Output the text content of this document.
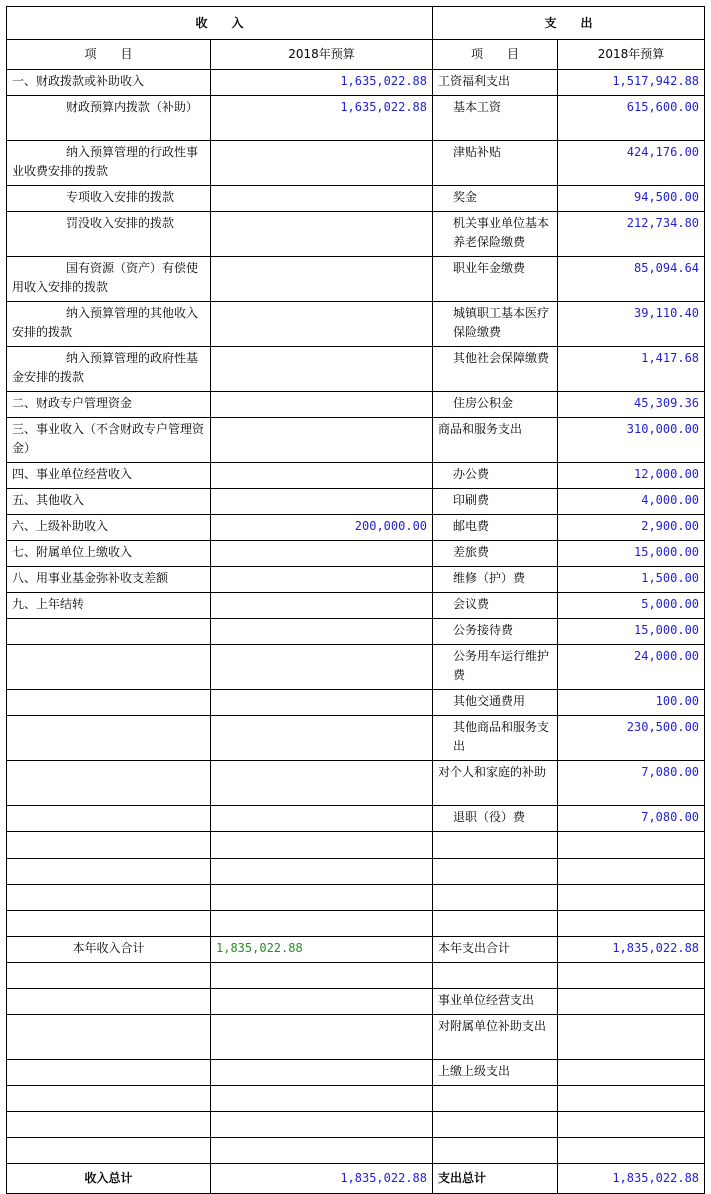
收　　入		支　　出	
项　　目	2018年预算	项　　目	2018年预算
一、财政拨款或补助收入	1,635,022.88	工资福利支出	1,517,942.88
财政预算内拨款（补助）	1,635,022.88	基本工资	615,600.00
纳入预算管理的行政性事业收费安排的拨款		津贴补贴	424,176.00
专项收入安排的拨款		奖金	94,500.00
罚没收入安排的拨款		机关事业单位基本养老保险缴费	212,734.80
国有资源（资产）有偿使用收入安排的拨款		职业年金缴费	85,094.64
纳入预算管理的其他收入安排的拨款		城镇职工基本医疗保险缴费	39,110.40
纳入预算管理的政府性基金安排的拨款		其他社会保障缴费	1,417.68
二、财政专户管理资金		住房公积金	45,309.36
三、事业收入（不含财政专户管理资金）		商品和服务支出	310,000.00
四、事业单位经营收入		办公费	12,000.00
五、其他收入		印刷费	4,000.00
六、上级补助收入	200,000.00	邮电费	2,900.00
七、附属单位上缴收入		差旅费	15,000.00
八、用事业基金弥补收支差额		维修（护）费	1,500.00
九、上年结转		会议费	5,000.00
		公务接待费	15,000.00
		公务用车运行维护费	24,000.00
		其他交通费用	100.00
		其他商品和服务支出	230,500.00
		对个人和家庭的补助	7,080.00
		退职（役）费	7,080.00

本年收入合计	1,835,022.88	本年支出合计	1,835,022.88

		事业单位经营支出	
		对附属单位补助支出	
		上缴上级支出	

收入总计	1,835,022.88	支出总计	1,835,022.88
